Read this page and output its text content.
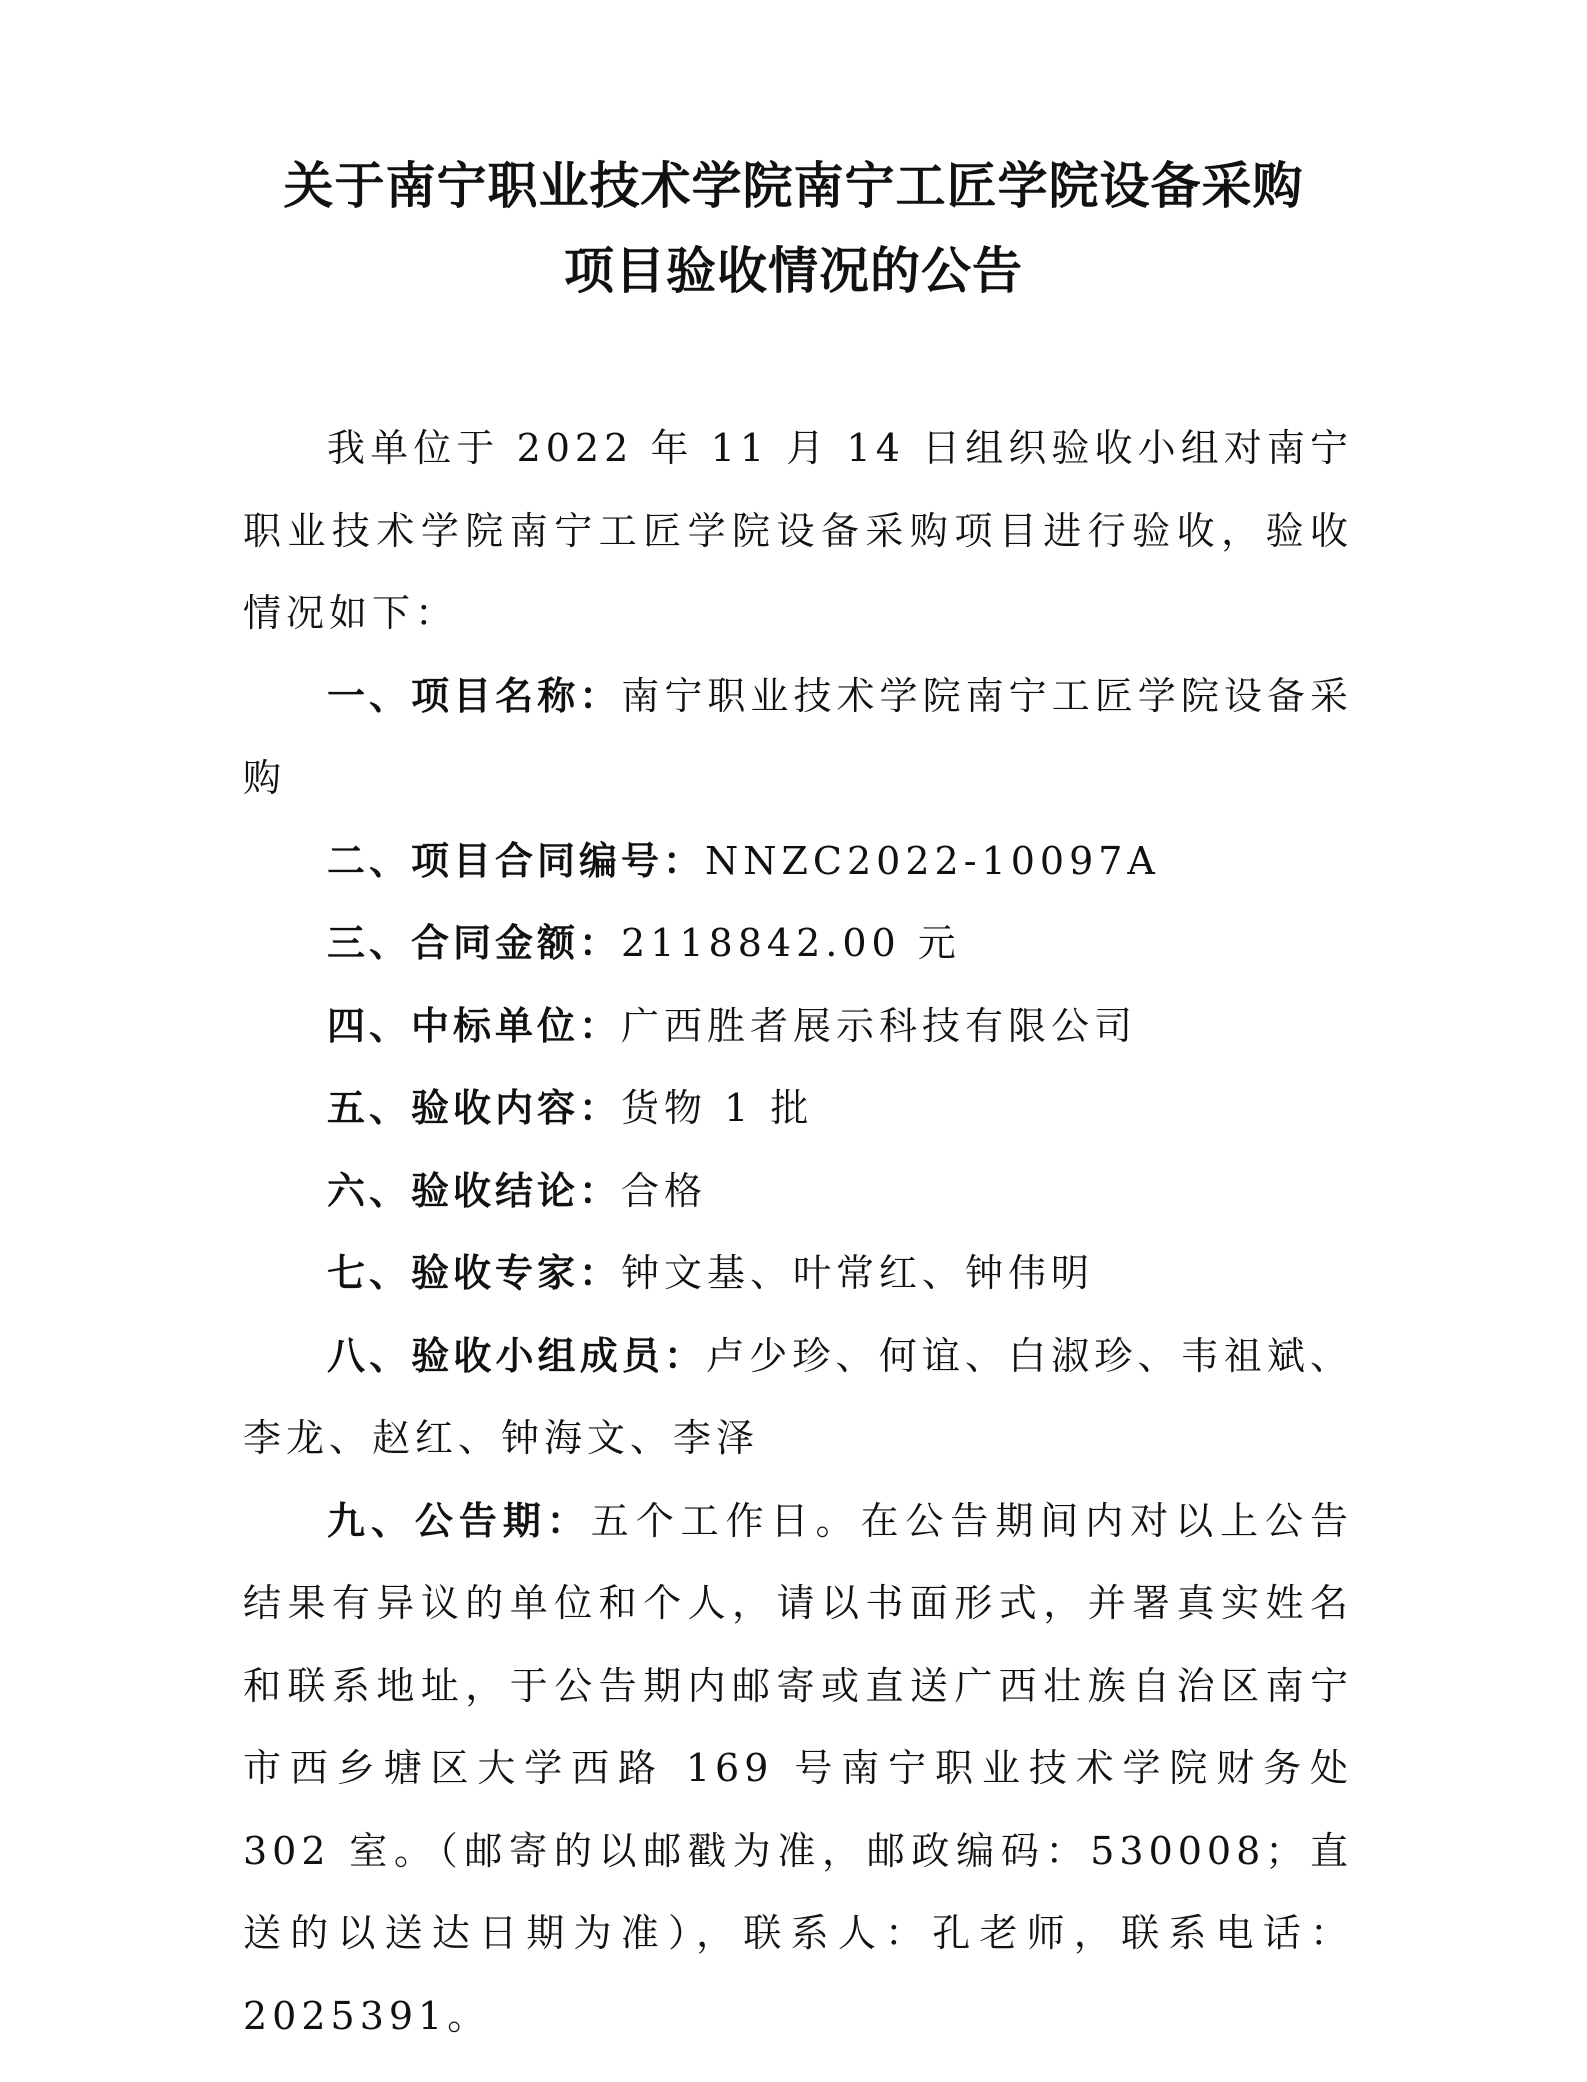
关于南宁职业技术学院南宁工匠学院设备采购
项目验收情况的公告

我单位于 2022 年 11 月 14 日组织验收小组对南宁职业技术学院南宁工匠学院设备采购项目进行验收，验收情况如下：

一、项目名称：南宁职业技术学院南宁工匠学院设备采购

二、项目合同编号：NNZC2022-10097A

三、合同金额：2118842.00 元

四、中标单位：广西胜者展示科技有限公司

五、验收内容：货物 1 批

六、验收结论：合格

七、验收专家：钟文基、叶常红、钟伟明

八、验收小组成员：卢少珍、何谊、白淑珍、韦祖斌、李龙、赵红、钟海文、李泽

九、公告期：五个工作日。在公告期间内对以上公告结果有异议的单位和个人，请以书面形式，并署真实姓名和联系地址，于公告期内邮寄或直送广西壮族自治区南宁市西乡塘区大学西路 169 号南宁职业技术学院财务处 302 室。（邮寄的以邮戳为准，邮政编码：530008；直送的以送达日期为准），联系人：孔老师，联系电话：2025391。
